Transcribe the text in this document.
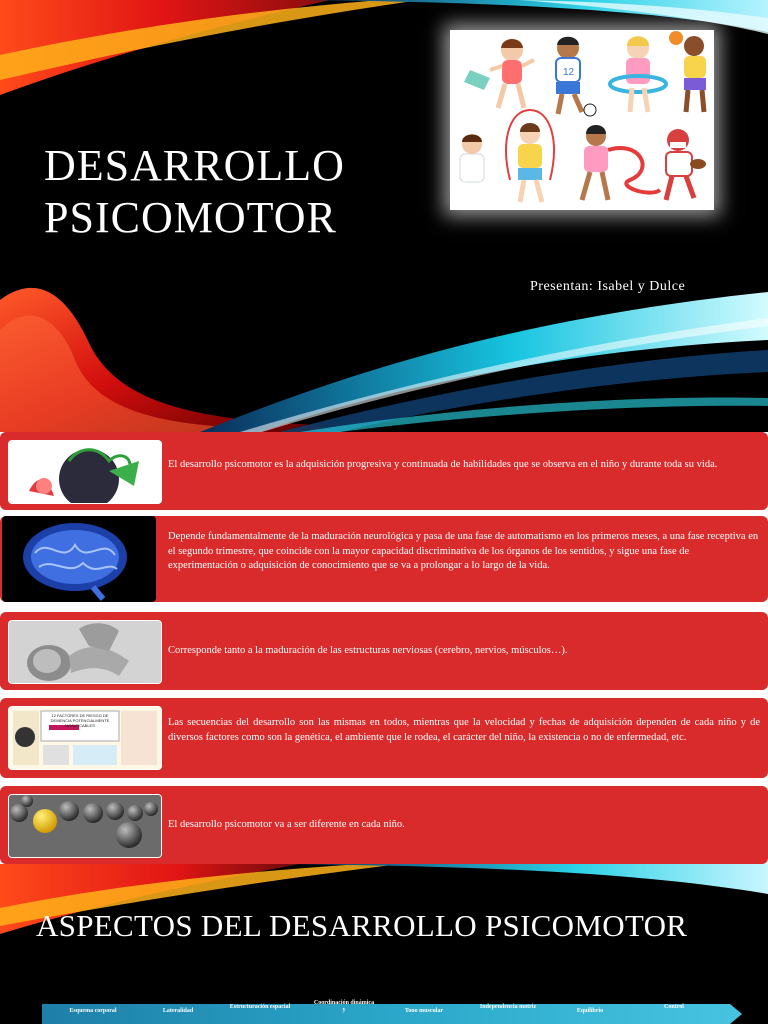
DESARROLLO
PSICOMOTOR
12
Presentan: Isabel y Dulce
El desarrollo psicomotor es la adquisición progresiva y continuada de habilidades que se observa en el niño y durante toda su vida.
Depende fundamentalmente de la maduración neurológica y pasa de una fase de automatismo en los primeros meses, a una fase receptiva en el segundo trimestre, que coincide con la mayor capacidad discriminativa de los órganos de los sentidos, y sigue una fase de experimentación o adquisición de conocimiento que se va a prolongar a lo largo de la vida.
Corresponde tanto a la maduración de las estructuras nerviosas (cerebro, nervios, músculos…).
12 FACTORES DE RIESGO DE DEMENCIA POTENCIALMENTE MODIFICABLES	Las secuencias del desarrollo son las mismas en todos, mientras que la velocidad y fechas de adquisición dependen de cada niño y de diversos factores como son la genética, el ambiente que le rodea, el carácter del niño, la existencia o no de enfermedad, etc.
El desarrollo psicomotor va a ser diferente en cada niño.
ASPECTOS DEL DESARROLLO PSICOMOTOR
Esquema corporal	Lateralidad
Estructuración espacial
Coordinación dinámica y	Tono muscular
Independencia motriz
Equilibrio
Control
